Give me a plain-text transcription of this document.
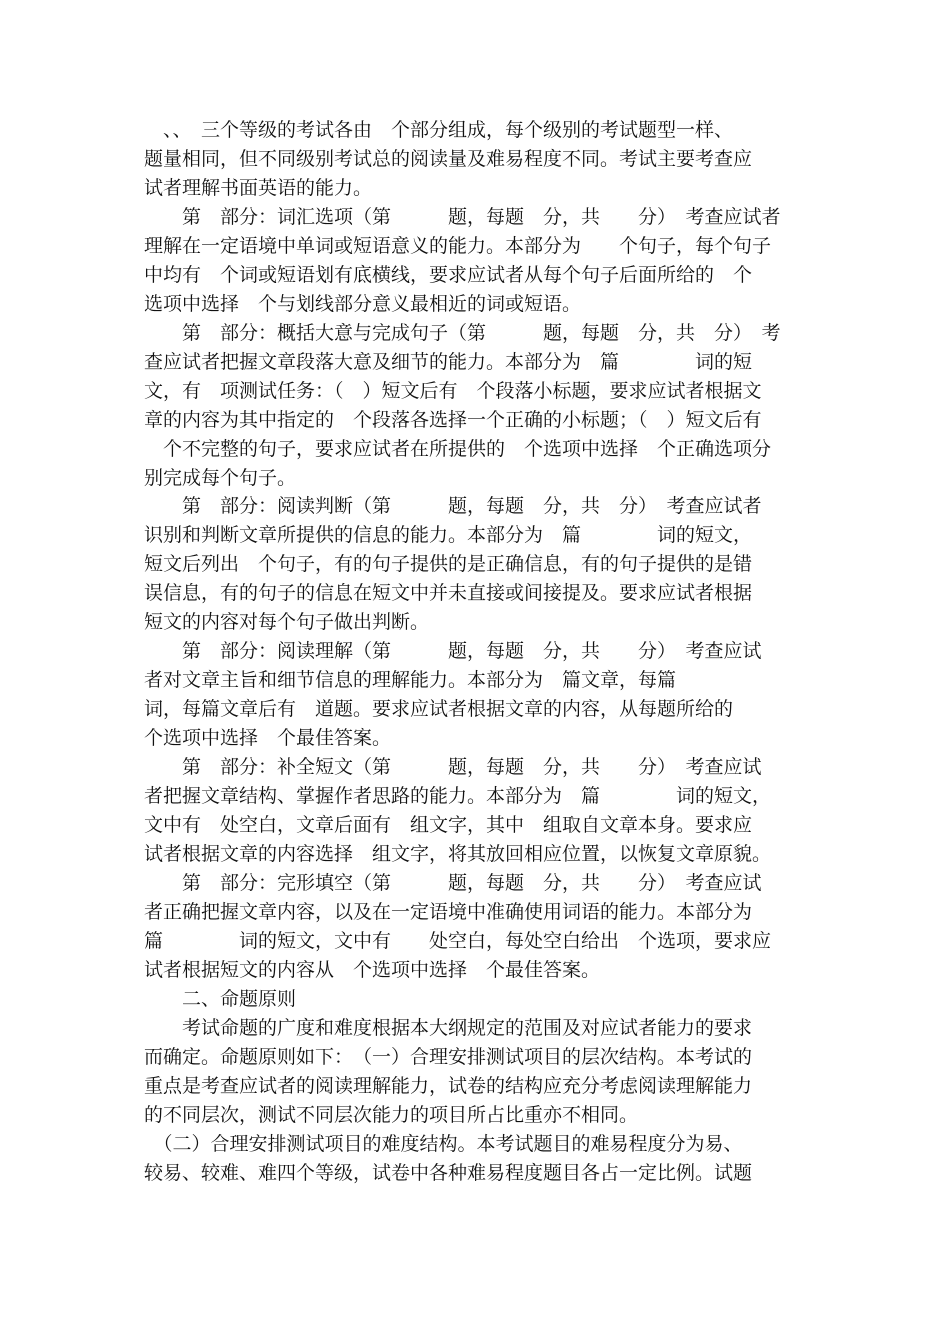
　、、　三个等级的考试各由　个部分组成，每个级别的考试题型一样、
题量相同，但不同级别考试总的阅读量及难易程度不同。考试主要考查应
试者理解书面英语的能力。
　　第　部分：词汇选项（第　　　题，每题　分，共　　分）　考查应试者
理解在一定语境中单词或短语意义的能力。本部分为　　个句子，每个句子
中均有　个词或短语划有底横线，要求应试者从每个句子后面所给的　个
选项中选择　个与划线部分意义最相近的词或短语。
　　第　部分：概括大意与完成句子（第　　　题，每题　分，共　分）　考
查应试者把握文章段落大意及细节的能力。本部分为　篇　　　　词的短
文，有　项测试任务：（　）短文后有　个段落小标题，要求应试者根据文
章的内容为其中指定的　个段落各选择一个正确的小标题；（　）短文后有
　个不完整的句子，要求应试者在所提供的　个选项中选择　个正确选项分
别完成每个句子。
　　第　部分：阅读判断（第　　　题，每题　分，共　分）　考查应试者
识别和判断文章所提供的信息的能力。本部分为　篇　　　　词的短文，
短文后列出　个句子，有的句子提供的是正确信息，有的句子提供的是错
误信息，有的句子的信息在短文中并未直接或间接提及。要求应试者根据
短文的内容对每个句子做出判断。
　　第　部分：阅读理解（第　　　题，每题　分，共　　分）　考查应试
者对文章主旨和细节信息的理解能力。本部分为　篇文章，每篇
词，每篇文章后有　道题。要求应试者根据文章的内容，从每题所给的
个选项中选择　个最佳答案。
　　第　部分：补全短文（第　　　题，每题　分，共　　分）　考查应试
者把握文章结构、掌握作者思路的能力。本部分为　篇　　　　词的短文，
文中有　处空白，文章后面有　组文字，其中　组取自文章本身。要求应
试者根据文章的内容选择　组文字，将其放回相应位置，以恢复文章原貌。
　　第　部分：完形填空（第　　　题，每题　分，共　　分）　考查应试
者正确把握文章内容，以及在一定语境中准确使用词语的能力。本部分为
篇　　　　词的短文，文中有　　处空白，每处空白给出　个选项，要求应
试者根据短文的内容从　个选项中选择　个最佳答案。
　　二、命题原则
　　考试命题的广度和难度根据本大纲规定的范围及对应试者能力的要求
而确定。命题原则如下：　（一）合理安排测试项目的层次结构。本考试的
重点是考查应试者的阅读理解能力，试卷的结构应充分考虑阅读理解能力
的不同层次，测试不同层次能力的项目所占比重亦不相同。
　（二）合理安排测试项目的难度结构。本考试题目的难易程度分为易、
较易、较难、难四个等级，试卷中各种难易程度题目各占一定比例。试题
